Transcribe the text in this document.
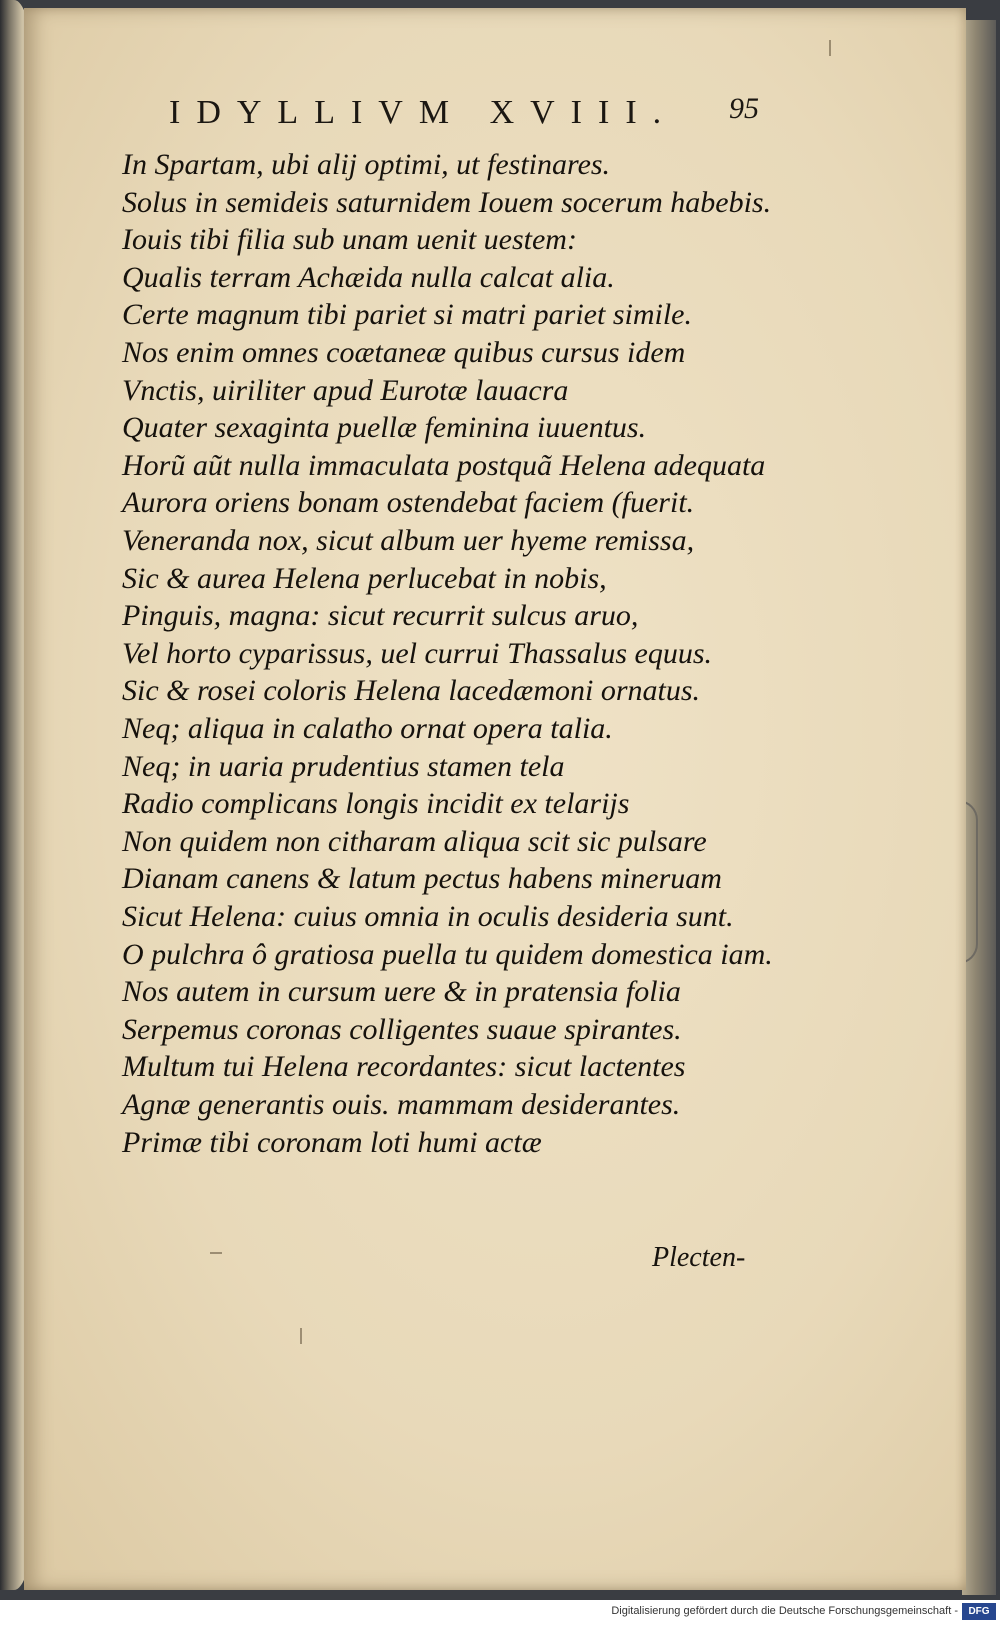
IDYLLIVM XVIII. 95
In Spartam, ubi alij optimi, ut festinares.
Solus in semideis saturnidem Iouem socerum habebis.
Iouis tibi filia sub unam uenit uestem:
Qualis terram Achæida nulla calcat alia.
Certe magnum tibi pariet si matri pariet simile.
Nos enim omnes coætaneæ quibus cursus idem
Vnctis, uiriliter apud Eurotæ lauacra
Quater sexaginta puellæ feminina iuuentus.
Horũ aũt nulla immaculata postquã Helena adequata
Aurora oriens bonam ostendebat faciem (fuerit.
Veneranda nox, sicut album uer hyeme remissa,
Sic & aurea Helena perlucebat in nobis,
Pinguis, magna: sicut recurrit sulcus aruo,
Vel horto cyparissus, uel currui Thassalus equus.
Sic & rosei coloris Helena lacedæmoni ornatus.
Neq; aliqua in calatho ornat opera talia.
Neq; in uaria prudentius stamen tela
Radio complicans longis incidit ex telarijs
Non quidem non citharam aliqua scit sic pulsare
Dianam canens & latum pectus habens mineruam
Sicut Helena: cuius omnia in oculis desideria sunt.
O pulchra ô gratiosa puella tu quidem domestica iam.
Nos autem in cursum uere & in pratensia folia
Serpemus coronas colligentes suaue spirantes.
Multum tui Helena recordantes: sicut lactentes
Agnæ generantis ouis. mammam desiderantes.
Primæ tibi coronam loti humi actæ
Plecten-
Digitalisierung gefördert durch die Deutsche Forschungsgemeinschaft -	DFG
